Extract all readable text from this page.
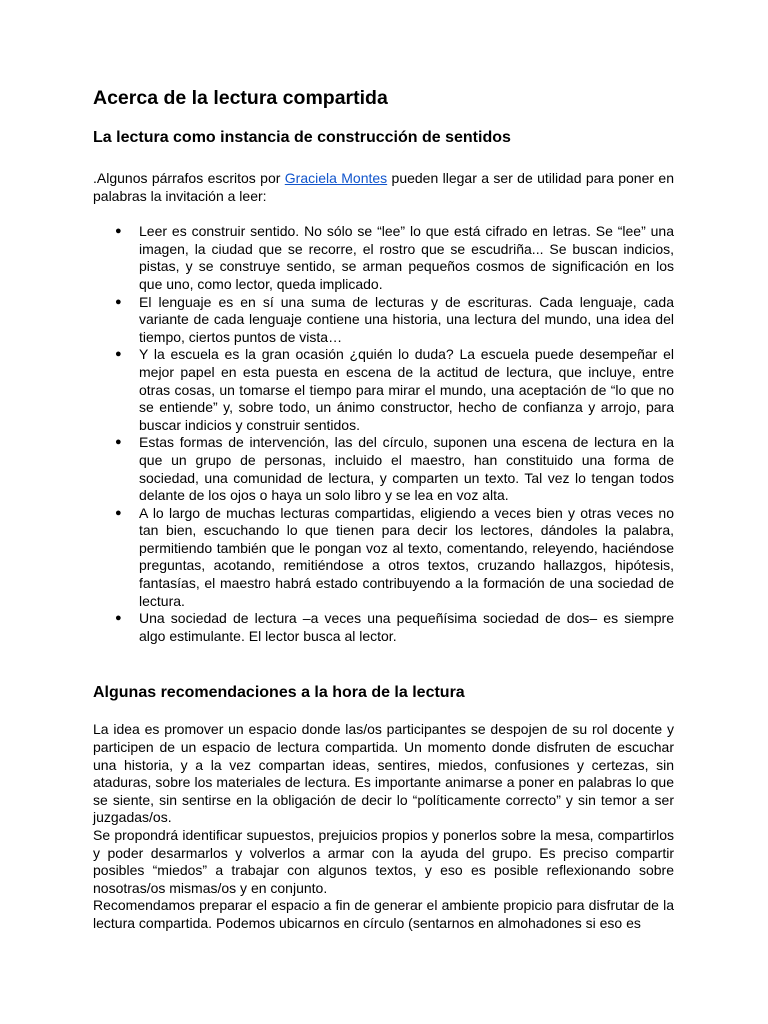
Acerca de la lectura compartida
La lectura como instancia de construcción de sentidos

.Algunos párrafos escritos por Graciela Montes pueden llegar a ser de utilidad para poner en palabras la invitación a leer:

● Leer es construir sentido. No sólo se “lee” lo que está cifrado en letras. Se “lee” una imagen, la ciudad que se recorre, el rostro que se escudriña... Se buscan indicios, pistas, y se construye sentido, se arman pequeños cosmos de significación en los que uno, como lector, queda implicado.
● El lenguaje es en sí una suma de lecturas y de escrituras. Cada lenguaje, cada variante de cada lenguaje contiene una historia, una lectura del mundo, una idea del tiempo, ciertos puntos de vista…
● Y la escuela es la gran ocasión ¿quién lo duda? La escuela puede desempeñar el mejor papel en esta puesta en escena de la actitud de lectura, que incluye, entre otras cosas, un tomarse el tiempo para mirar el mundo, una aceptación de “lo que no se entiende” y, sobre todo, un ánimo constructor, hecho de confianza y arrojo, para buscar indicios y construir sentidos.
● Estas formas de intervención, las del círculo, suponen una escena de lectura en la que un grupo de personas, incluido el maestro, han constituido una forma de sociedad, una comunidad de lectura, y comparten un texto. Tal vez lo tengan todos delante de los ojos o haya un solo libro y se lea en voz alta.
● A lo largo de muchas lecturas compartidas, eligiendo a veces bien y otras veces no tan bien, escuchando lo que tienen para decir los lectores, dándoles la palabra, permitiendo también que le pongan voz al texto, comentando, releyendo, haciéndose preguntas, acotando, remitiéndose a otros textos, cruzando hallazgos, hipótesis, fantasías, el maestro habrá estado contribuyendo a la formación de una sociedad de lectura.
● Una sociedad de lectura –a veces una pequeñísima sociedad de dos– es siempre algo estimulante. El lector busca al lector.
Algunas recomendaciones a la hora de la lectura

La idea es promover un espacio donde las/os participantes se despojen de su rol docente y participen de un espacio de lectura compartida. Un momento donde disfruten de escuchar una historia, y a la vez compartan ideas, sentires, miedos, confusiones y certezas, sin ataduras, sobre los materiales de lectura. Es importante animarse a poner en palabras lo que se siente, sin sentirse en la obligación de decir lo “políticamente correcto” y sin temor a ser juzgadas/os.

Se propondrá identificar supuestos, prejuicios propios y ponerlos sobre la mesa, compartirlos y poder desarmarlos y volverlos a armar con la ayuda del grupo. Es preciso compartir posibles “miedos” a trabajar con algunos textos, y eso es posible reflexionando sobre nosotras/os mismas/os y en conjunto.

Recomendamos preparar el espacio a fin de generar el ambiente propicio para disfrutar de la lectura compartida. Podemos ubicarnos en círculo (sentarnos en almohadones si eso es
